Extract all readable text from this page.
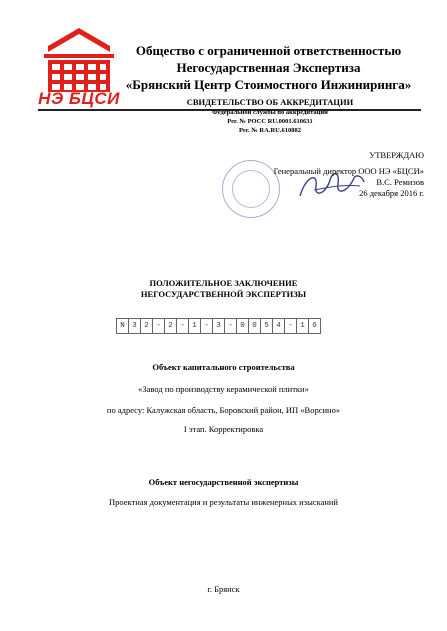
НЭ БЦСИ
Общество с ограниченной ответственностью
Негосударственная Экспертиза
«Брянский Центр Стоимостного Инжиниринга»
СВИДЕТЕЛЬСТВО ОБ АККРЕДИТАЦИИ
Федеральной службы по аккредитации
Рег. № РОСС RU.0001.610631
Рег. № RA.RU.610882
УТВЕРЖДАЮ
Генеральный директор ООО НЭ «БЦСИ»
В.С. Ремизов
26 декабря 2016 г.
ПОЛОЖИТЕЛЬНОЕ ЗАКЛЮЧЕНИЕ
НЕГОСУДАРСТВЕННОЙ ЭКСПЕРТИЗЫ
N 3 2 - 2 - 1 - 3 - 0 0 5 4 - 1 6
Объект капитального строительства
«Завод по производству керамической плитки»
по адресу: Калужская область, Боровский район, ИП «Ворсино»
I этап. Корректировка
Объект негосударственной экспертизы
Проектная документация и результаты инженерных изысканий
г. Брянск
